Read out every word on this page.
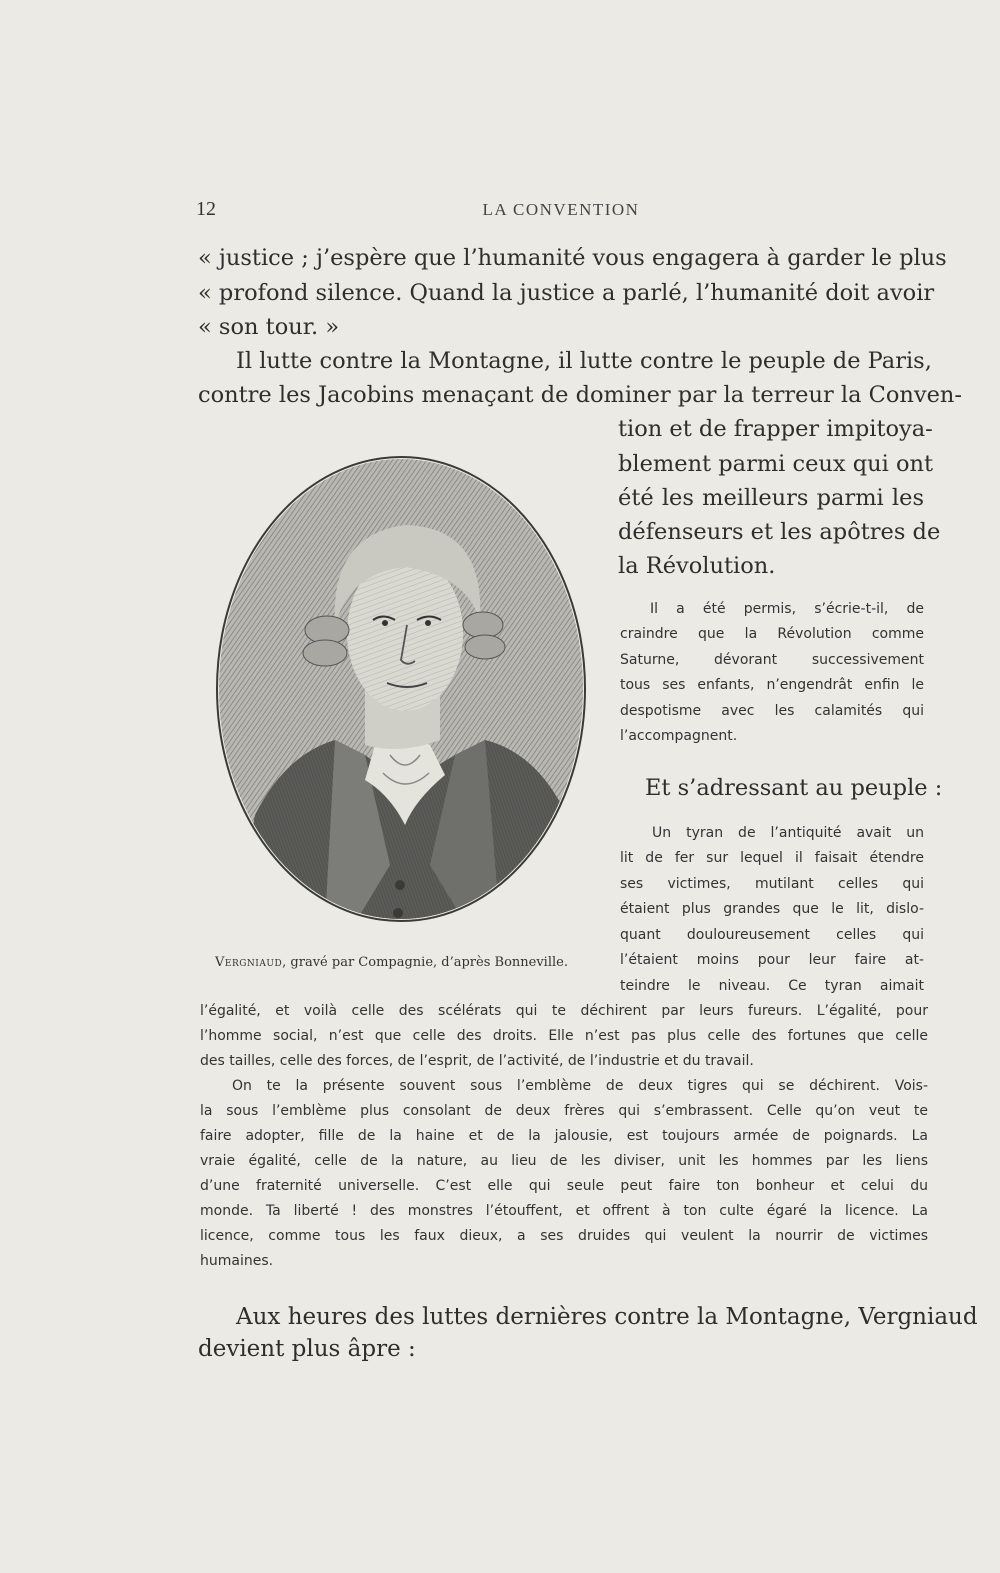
12	LA CONVENTION
« justice ; j’espère que l’humanité vous engagera à garder le plus
« profond silence. Quand la justice a parlé, l’humanité doit avoir
« son tour. »
Il lutte contre la Montagne, il lutte contre le peuple de Paris,
contre les Jacobins menaçant de dominer par la terreur la Conven-
tion et de frapper impitoya-
blement parmi ceux qui ont
été les meilleurs parmi les
défenseurs et les apôtres de
la Révolution.
Il a été permis, s’écrie-t-il, de
craindre que la Révolution comme
Saturne, dévorant successivement
tous ses enfants, n’engendrât enfin le
despotisme avec les calamités qui
l’accompagnent.
Et s’adressant au peuple :
Un tyran de l’antiquité avait un
lit de fer sur lequel il faisait étendre
ses victimes, mutilant celles qui
étaient plus grandes que le lit, dislo-
quant douloureusement celles qui
l’étaient moins pour leur faire at-
teindre le niveau. Ce tyran aimait
l’égalité, et voilà celle des scélérats qui te déchirent par leurs fureurs. L’égalité, pour
l’homme social, n’est que celle des droits. Elle n’est pas plus celle des fortunes que celle
des tailles, celle des forces, de l’esprit, de l’activité, de l’industrie et du travail.
On te la présente souvent sous l’emblème de deux tigres qui se déchirent. Vois-
la sous l’emblème plus consolant de deux frères qui s’embrassent. Celle qu’on veut te
faire adopter, fille de la haine et de la jalousie, est toujours armée de poignards. La
vraie égalité, celle de la nature, au lieu de les diviser, unit les hommes par les liens
d’une fraternité universelle. C’est elle qui seule peut faire ton bonheur et celui du
monde. Ta liberté ! des monstres l’étouffent, et offrent à ton culte égaré la licence. La
licence, comme tous les faux dieux, a ses druides qui veulent la nourrir de victimes
humaines.
Aux heures des luttes dernières contre la Montagne, Vergniaud
devient plus âpre :
Vergniaud, gravé par Compagnie, d’après Bonneville.
